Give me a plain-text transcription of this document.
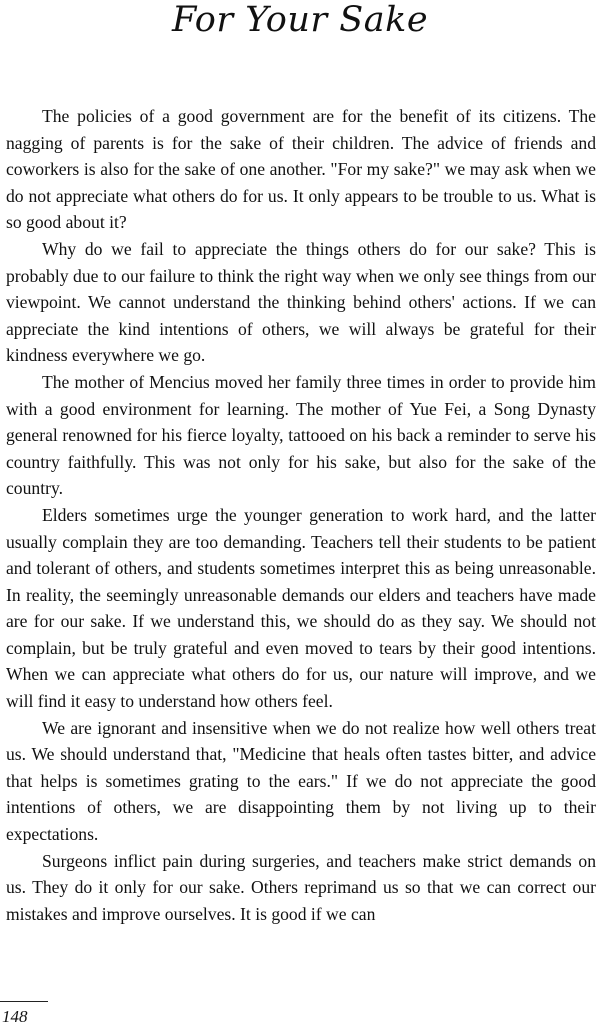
For Your Sake

The policies of a good government are for the benefit of its citizens. The nagging of parents is for the sake of their children. The advice of friends and coworkers is also for the sake of one another. "For my sake?" we may ask when we do not appreciate what others do for us. It only appears to be trouble to us. What is so good about it?

Why do we fail to appreciate the things others do for our sake? This is probably due to our failure to think the right way when we only see things from our viewpoint. We cannot understand the thinking behind others' actions. If we can appreciate the kind intentions of others, we will always be grateful for their kindness everywhere we go.

The mother of Mencius moved her family three times in order to provide him with a good environment for learning. The mother of Yue Fei, a Song Dynasty general renowned for his fierce loyalty, tattooed on his back a reminder to serve his country faithfully. This was not only for his sake, but also for the sake of the country.

Elders sometimes urge the younger generation to work hard, and the latter usually complain they are too demanding. Teachers tell their students to be patient and tolerant of others, and students sometimes interpret this as being unreasonable. In reality, the seemingly unreasonable demands our elders and teachers have made are for our sake. If we understand this, we should do as they say. We should not complain, but be truly grateful and even moved to tears by their good intentions. When we can appreciate what others do for us, our nature will improve, and we will find it easy to understand how others feel.

We are ignorant and insensitive when we do not realize how well others treat us. We should understand that, "Medicine that heals often tastes bitter, and advice that helps is sometimes grating to the ears." If we do not appreciate the good intentions of others, we are disappointing them by not living up to their expectations.

Surgeons inflict pain during surgeries, and teachers make strict demands on us. They do it only for our sake. Others reprimand us so that we can correct our mistakes and improve ourselves. It is good if we can

148
